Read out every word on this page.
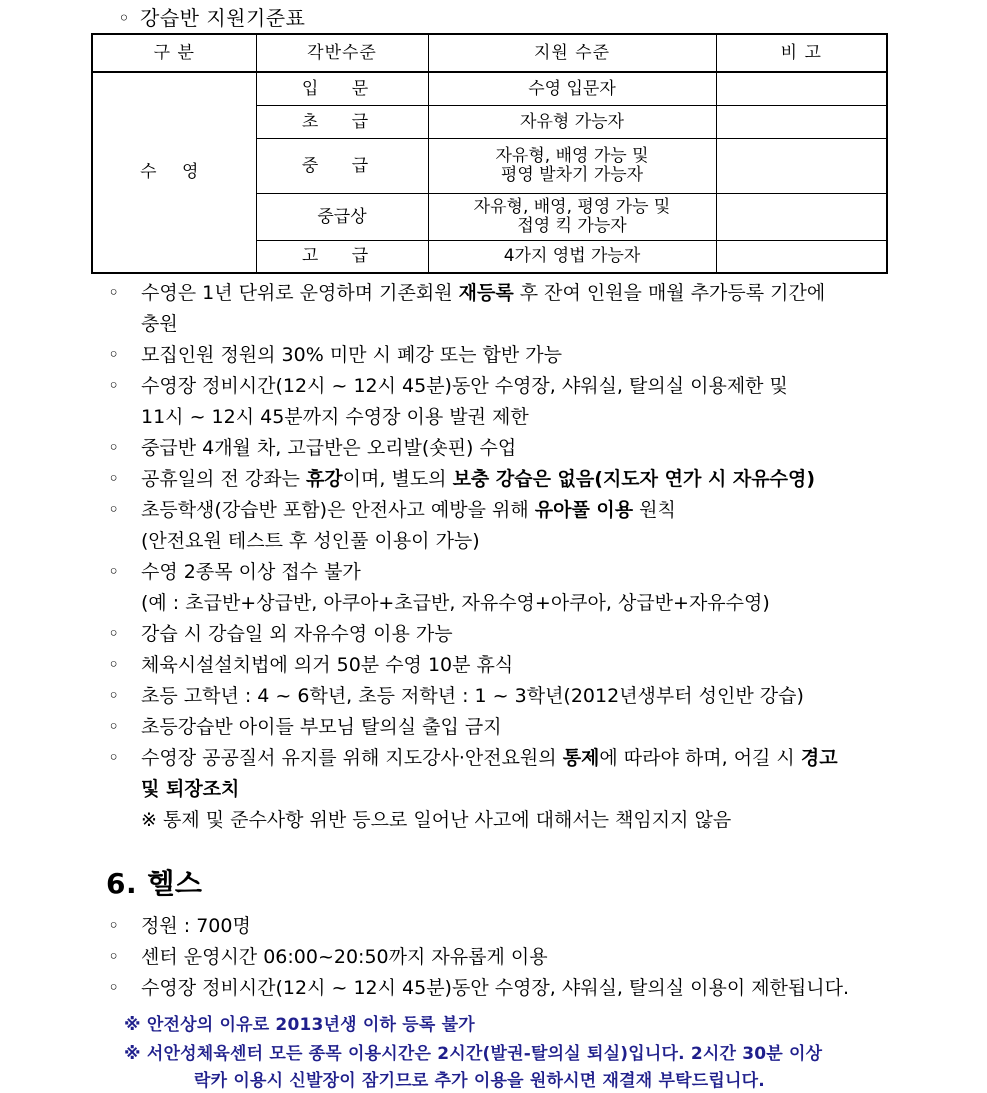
◦ 강습반 지원기준표
구 분	각반수준	지원 수준	비 고
수 영	입 문	수영 입문자	
	초 급	자유형 가능자	
	중 급	자유형, 배영 가능 및
평영 발차기 가능자	

	중급상	자유형, 배영, 평영 가능 및
접영 킥 가능자	

	고 급	4가지 영법 가능자	
◦	수영은 1년 단위로 운영하며 기존회원 재등록 후 잔여 인원을 매월 추가등록 기간에
충원
◦	모집인원 정원의 30% 미만 시 폐강 또는 합반 가능
◦	수영장 정비시간(12시 ~ 12시 45분)동안 수영장, 샤워실, 탈의실 이용제한 및
11시 ~ 12시 45분까지 수영장 이용 발권 제한
◦	중급반 4개월 차, 고급반은 오리발(숏핀) 수업
◦	공휴일의 전 강좌는 휴강이며, 별도의 보충 강습은 없음(지도자 연가 시 자유수영)
◦	초등학생(강습반 포함)은 안전사고 예방을 위해 유아풀 이용 원칙
(안전요원 테스트 후 성인풀 이용이 가능)
◦	수영 2종목 이상 접수 불가
(예 : 초급반+상급반, 아쿠아+초급반, 자유수영+아쿠아, 상급반+자유수영)
◦	강습 시 강습일 외 자유수영 이용 가능
◦	체육시설설치법에 의거 50분 수영 10분 휴식
◦	초등 고학년 : 4 ~ 6학년, 초등 저학년 : 1 ~ 3학년(2012년생부터 성인반 강습)
◦	초등강습반 아이들 부모님 탈의실 출입 금지
◦	수영장 공공질서 유지를 위해 지도강사·안전요원의 통제에 따라야 하며, 어길 시 경고
및 퇴장조치
※ 통제 및 준수사항 위반 등으로 일어난 사고에 대해서는 책임지지 않음
6. 헬스
◦	정원 : 700명
◦	센터 운영시간 06:00~20:50까지 자유롭게 이용
◦	수영장 정비시간(12시 ~ 12시 45분)동안 수영장, 샤워실, 탈의실 이용이 제한됩니다.
※ 안전상의 이유로 2013년생 이하 등록 불가
※ 서안성체육센터 모든 종목 이용시간은 2시간(발권-탈의실 퇴실)입니다. 2시간 30분 이상
락카 이용시 신발장이 잠기므로 추가 이용을 원하시면 재결재 부탁드립니다.
